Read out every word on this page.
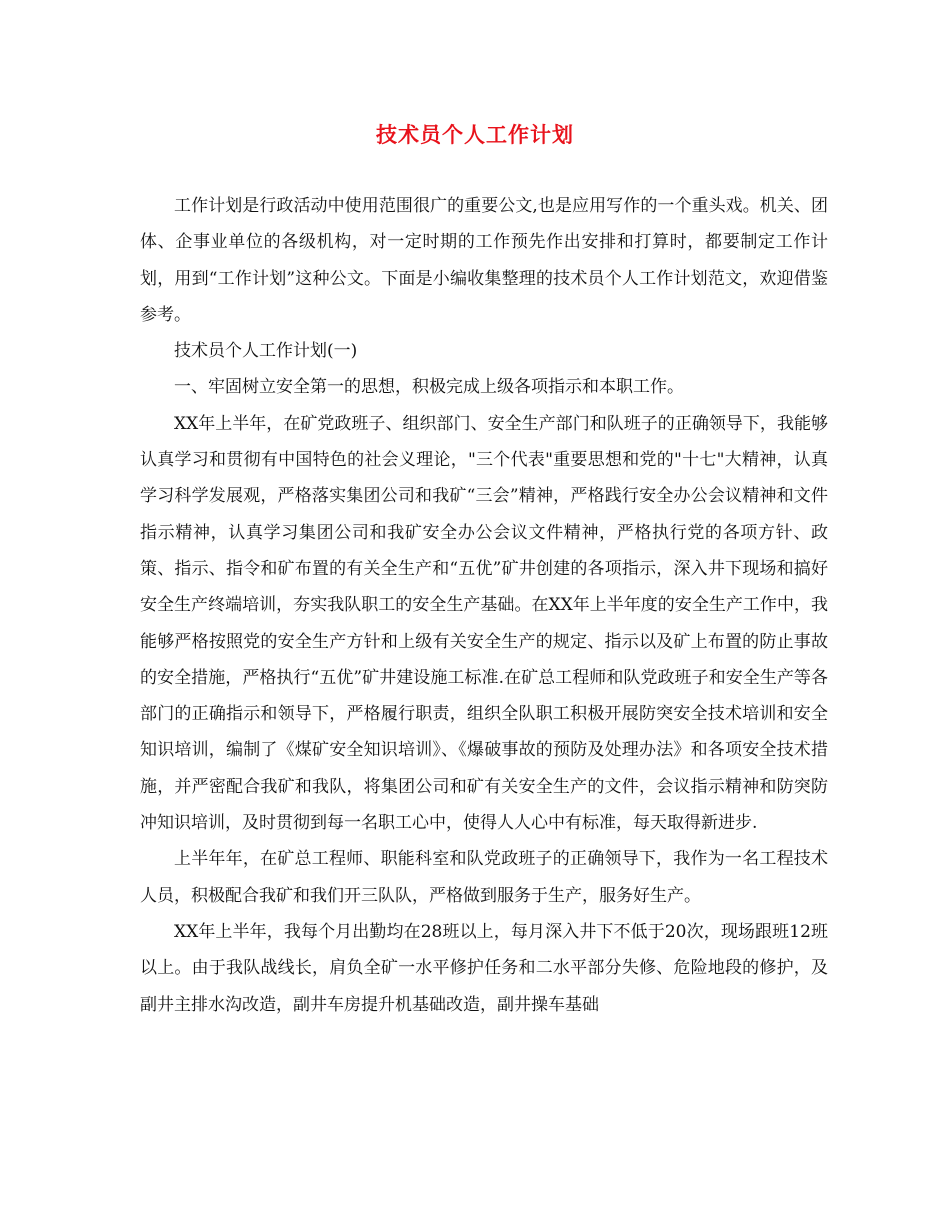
技术员个人工作计划

工作计划是行政活动中使用范围很广的重要公文,也是应用写作的一个重头戏。机关、团体、企事业单位的各级机构，对一定时期的工作预先作出安排和打算时，都要制定工作计划，用到“工作计划”这种公文。下面是小编收集整理的技术员个人工作计划范文，欢迎借鉴参考。

技术员个人工作计划(一)

一、牢固树立安全第一的思想，积极完成上级各项指示和本职工作。

XX年上半年，在矿党政班子、组织部门、安全生产部门和队班子的正确领导下，我能够认真学习和贯彻有中国特色的社会义理论，"三个代表"重要思想和党的"十七"大精神，认真学习科学发展观，严格落实集团公司和我矿“三会”精神，严格践行安全办公会议精神和文件指示精神，认真学习集团公司和我矿安全办公会议文件精神，严格执行党的各项方针、政策、指示、指令和矿布置的有关全生产和“五优”矿井创建的各项指示，深入井下现场和搞好安全生产终端培训，夯实我队职工的安全生产基础。在XX年上半年度的安全生产工作中，我能够严格按照党的安全生产方针和上级有关安全生产的规定、指示以及矿上布置的防止事故的安全措施，严格执行“五优”矿井建设施工标准.在矿总工程师和队党政班子和安全生产等各部门的正确指示和领导下，严格履行职责，组织全队职工积极开展防突安全技术培训和安全知识培训，编制了《煤矿安全知识培训》、《爆破事故的预防及处理办法》和各项安全技术措施，并严密配合我矿和我队，将集团公司和矿有关安全生产的文件，会议指示精神和防突防冲知识培训，及时贯彻到每一名职工心中，使得人人心中有标准，每天取得新进步.

上半年年，在矿总工程师、职能科室和队党政班子的正确领导下，我作为一名工程技术人员，积极配合我矿和我们开三队队，严格做到服务于生产，服务好生产。

XX年上半年，我每个月出勤均在28班以上，每月深入井下不低于20次，现场跟班12班以上。由于我队战线长，肩负全矿一水平修护任务和二水平部分失修、危险地段的修护，及副井主排水沟改造，副井车房提升机基础改造，副井操车基础
